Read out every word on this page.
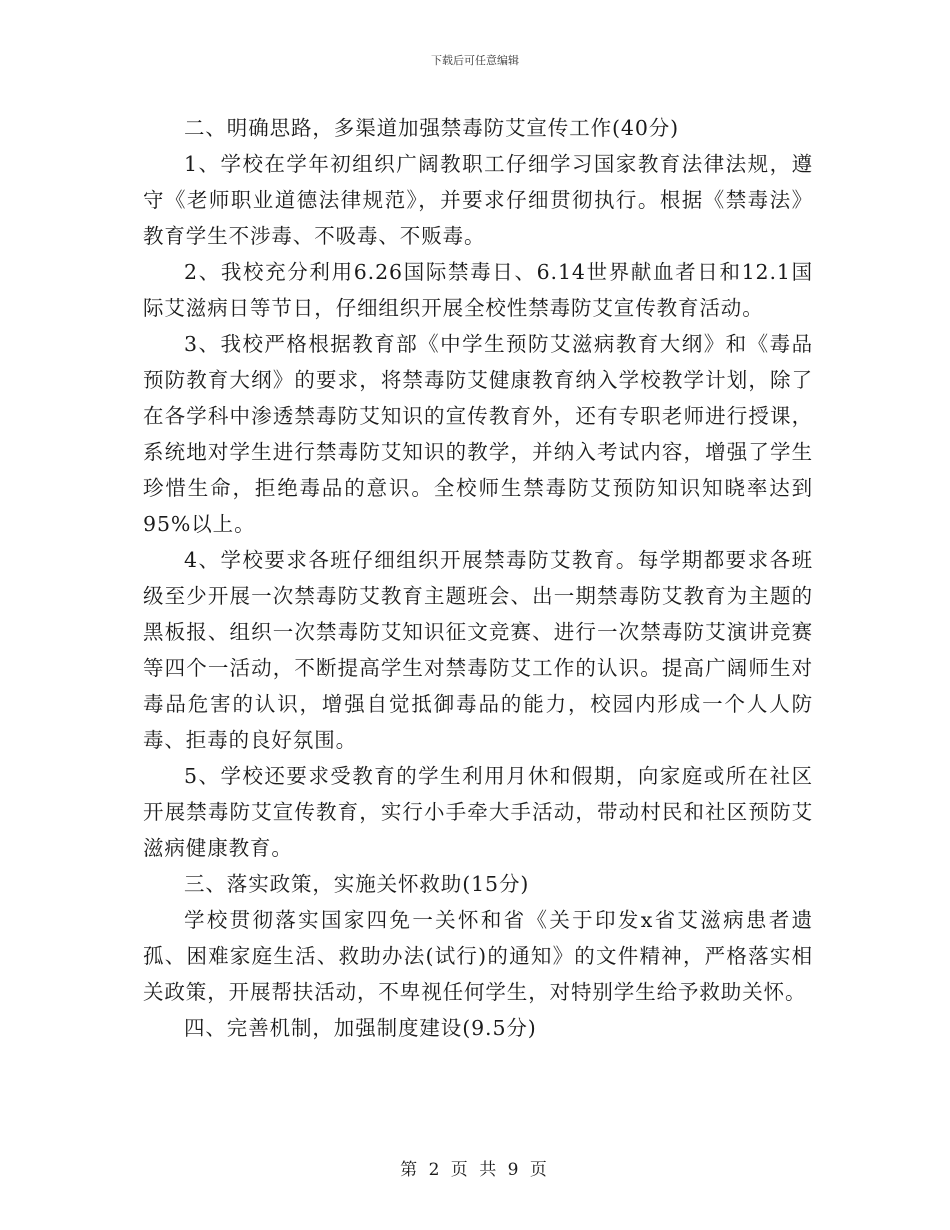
下载后可任意编辑

二、明确思路，多渠道加强禁毒防艾宣传工作(40分)

1、学校在学年初组织广阔教职工仔细学习国家教育法律法规，遵守《老师职业道德法律规范》，并要求仔细贯彻执行。根据《禁毒法》教育学生不涉毒、不吸毒、不贩毒。

2、我校充分利用6.26国际禁毒日、6.14世界献血者日和12.1国际艾滋病日等节日，仔细组织开展全校性禁毒防艾宣传教育活动。

3、我校严格根据教育部《中学生预防艾滋病教育大纲》和《毒品预防教育大纲》的要求，将禁毒防艾健康教育纳入学校教学计划，除了在各学科中渗透禁毒防艾知识的宣传教育外，还有专职老师进行授课，系统地对学生进行禁毒防艾知识的教学，并纳入考试内容，增强了学生珍惜生命，拒绝毒品的意识。全校师生禁毒防艾预防知识知晓率达到95%以上。

4、学校要求各班仔细组织开展禁毒防艾教育。每学期都要求各班级至少开展一次禁毒防艾教育主题班会、出一期禁毒防艾教育为主题的黑板报、组织一次禁毒防艾知识征文竞赛、进行一次禁毒防艾演讲竞赛等四个一活动，不断提高学生对禁毒防艾工作的认识。提高广阔师生对毒品危害的认识，增强自觉抵御毒品的能力，校园内形成一个人人防毒、拒毒的良好氛围。

5、学校还要求受教育的学生利用月休和假期，向家庭或所在社区开展禁毒防艾宣传教育，实行小手牵大手活动，带动村民和社区预防艾滋病健康教育。

三、落实政策，实施关怀救助(15分)

学校贯彻落实国家四免一关怀和省《关于印发x省艾滋病患者遗孤、困难家庭生活、救助办法(试行)的通知》的文件精神，严格落实相关政策，开展帮扶活动，不卑视任何学生，对特别学生给予救助关怀。

四、完善机制，加强制度建设(9.5分)

第 2 页 共 9 页
